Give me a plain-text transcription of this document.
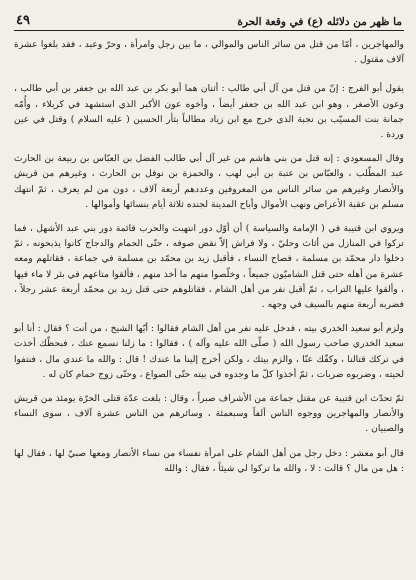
ما ظهر من دلائله (ع) في وقعة الحرة
٤٩

والمهاجرين ، أمّا من قتل من سائر الناس والموالي ، ما بين رجل وامرأة ، وحرّ وعبد ، فقد بلغوا عشرة آلاف مقتول .

يقول أبو الفرج : إنّ من قتل من آل أبي طالب : أثنان هما أبو بكر بن عبد الله بن جعفر بن أبي طالب ، وعون الأصغر ، وهو ابن عبد الله بن جعفر أيضاً ، وأخوه عون الأكبر الذي استشهد في كربلاء ، وأُمّه جمانة بنت المسيّب بن نجبة الذي خرج مع ابن زياد مطالباً بثأر الحسين ( عليه السلام ) وقتل في عين وردة .

وقال المسعودي : إنه قتل من بني هاشم من غير آل أبي طالب الفضل بن العبّاس بن ربيعة بن الحارث عبد المطّلب ، والعبّاس بن عتبة بن أبي لهب ، والحمزة بن نوفل بن الحارث ، وغيرهم من قريش والأنصار وغيرهم من سائر الناس من المعروفين وعددهم أربعة آلاف ، دون من لم يعرف ، ثمّ انتهك مسلم بن عقبة الأعراض ونهب الأموال وأباح المدينة لجنده ثلاثة أيام بنسائها وأموالها .

ويروي ابن قتيبة في ( الإمامة والسياسة ) أن أوّل دور انتهبت والحرب قائمة دور بني عبد الأشهل ، فما تركوا في المنازل من أثاث وحليّ ، ولا فراش إلاّ نقض صوفه ، حتّى الحمام والدجاج كانوا يذبحونه ، ثمّ دخلوا دار محمّد بن مسلمة ، فصاح النساء ، فأقبل زيد بن محمّد بن مسلمة في جماعة ، فقاتلهم ومعه عشرة من أهله حتى قتل الشاميّون جميعاً ، وخلّصوا منهم ما أخذ منهم ، فألقوا متاعهم في بئر لا ماء فيها ، وألقوا عليها التراب ، ثمّ أقبل نفر من أهل الشام ، فقاتلوهم حتى قتل زيد بن محمّد أربعة عشر رجلاً ، فضربه أربعة منهم بالسيف في وجهه .

ولزم أبو سعيد الخدري بيته ، فدخل عليه نفر من أهل الشام فقالوا : أيّها الشيخ ، من أنت ؟ فقال : أنا أبو سعيد الخدري صاحب رسول الله ( صلّى الله عليه وآله ) ، فقالوا : ما زلنا نسمع عنك ، فبحظّك أخذت في تركك قتالنا ، وكفّك عنّا ، والزم بيتك ، ولكن أخرج إلينا ما عندك ! قال : والله ما عندي مال ، فنتفوا لحيته ، وضربوه ضربات ، ثمّ أخذوا كلّ ما وجدوه في بيته حتّى الصواع ، وحتّى زوج حمام كان له .

ثمّ تحدّث ابن قتيبة عن مقتل جماعة من الأشراف صبراً ، وقال : بلغت عدّة قتلى الحرّة يومئذ من قريش والأنصار والمهاجرين ووجوه الناس ألفاً وسبعمئة ، وسائرهم من الناس عشرة آلاف ، سوى النساء والصبيان .

قال أبو معشر : دخل رجل من أهل الشام على امرأة نفساء من نساء الأنصار ومعها صبيّ لها ، فقال لها : هل من مال ؟ قالت : لا ، والله ما تركوا لي شيئاً ، فقال : والله
